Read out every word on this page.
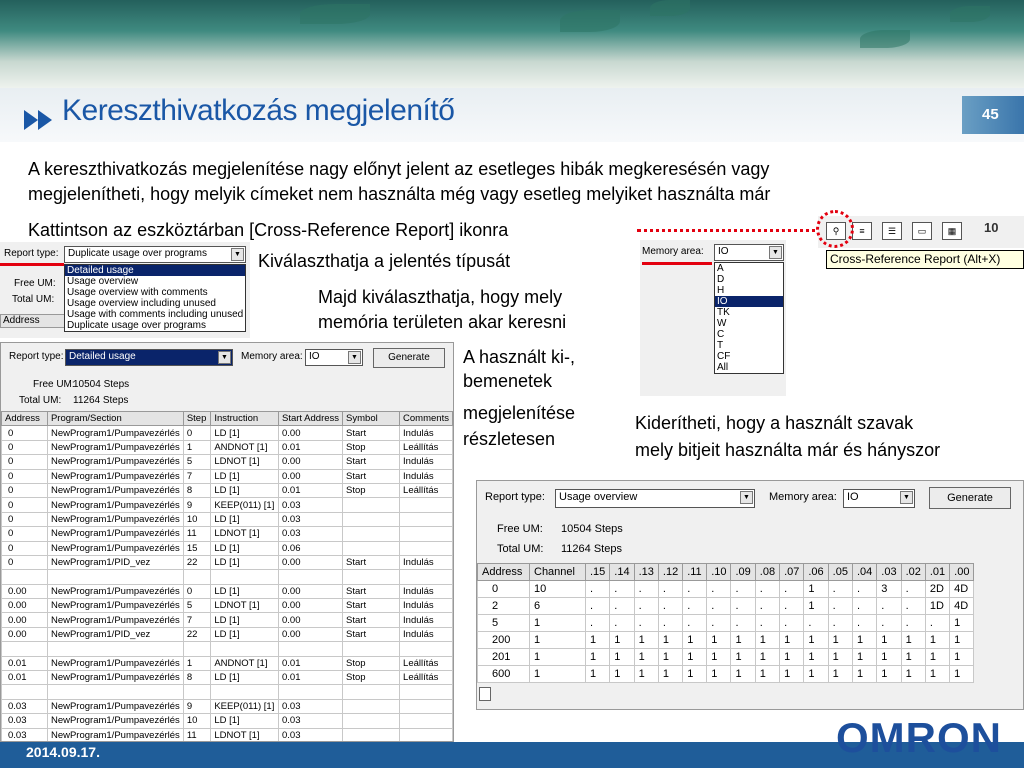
Kereszthivatkozás megjelenítő	45
A kereszthivatkozás megjelenítése nagy előnyt jelent az esetleges hibák megkeresésén vagy
megjelenítheti, hogy melyik címeket nem használta még vagy esetleg melyiket használta már
Kattintson az eszköztárban [Cross-Reference Report] ikonra	⚲	≡	☰	▭	▦	10
Cross-Reference Report (Alt+X)
Report type: Duplicate usage over programs	▼
Free UM:
Total UM:
Address
Detailed usage
Usage overview
Usage overview with comments
Usage overview including unused
Usage with comments including unused
Duplicate usage over programs
Kiválaszthatja a jelentés típusát	Memory area:	IO	▼
A
D
H
IO
TK
W
C
T
CF
All
Majd kiválaszthatja, hogy mely
memória területen akar keresni
Report type: Detailed usage	▼	Memory area: IO	▼	Generate
Free UM:
10504 Steps
Total UM: 11264 Steps
Address	Program/Section	Step	Instruction	Start Address	Symbol	Comments
0	NewProgram1/Pumpavezérlés	0	LD [1]	0.00	Start	Indulás
0	NewProgram1/Pumpavezérlés	1	ANDNOT [1]	0.01	Stop	Leállítás
0	NewProgram1/Pumpavezérlés	5	LDNOT [1]	0.00	Start	Indulás
0	NewProgram1/Pumpavezérlés	7	LD [1]	0.00	Start	Indulás
0	NewProgram1/Pumpavezérlés	8	LD [1]	0.01	Stop	Leállítás
0	NewProgram1/Pumpavezérlés	9	KEEP(011) [1]	0.03		
0	NewProgram1/Pumpavezérlés	10	LD [1]	0.03		
0	NewProgram1/Pumpavezérlés	11	LDNOT [1]	0.03		
0	NewProgram1/Pumpavezérlés	15	LD [1]	0.06		
0	NewProgram1/PID_vez	22	LD [1]	0.00	Start	Indulás

0.00	NewProgram1/Pumpavezérlés	0	LD [1]	0.00	Start	Indulás
0.00	NewProgram1/Pumpavezérlés	5	LDNOT [1]	0.00	Start	Indulás
0.00	NewProgram1/Pumpavezérlés	7	LD [1]	0.00	Start	Indulás
0.00	NewProgram1/PID_vez	22	LD [1]	0.00	Start	Indulás

0.01	NewProgram1/Pumpavezérlés	1	ANDNOT [1]	0.01	Stop	Leállítás
0.01	NewProgram1/Pumpavezérlés	8	LD [1]	0.01	Stop	Leállítás

0.03	NewProgram1/Pumpavezérlés	9	KEEP(011) [1]	0.03		
0.03	NewProgram1/Pumpavezérlés	10	LD [1]	0.03		
0.03	NewProgram1/Pumpavezérlés	11	LDNOT [1]	0.03		
A használt ki-,
bemenetek
megjelenítése
részletesen
Kiderítheti, hogy a használt szavak
mely bitjeit használta már és hányszor
Report type:	Usage overview	▼ Memory area: IO	▼	Generate
Free UM: 10504 Steps
Total UM: 11264 Steps
Address	Channel	.15	.14	.13	.12	.11	.10	.09	.08	.07	.06	.05	.04	.03	.02	.01	.00
0	10	.	.	.	.	.	.	.	.	.	1	.	.	3	.	2D	4D
2	6	.	.	.	.	.	.	.	.	.	1	.	.	.	.	1D	4D
5	1	.	.	.	.	.	.	.	.	.	.	.	.	.	.	.	1
200	1	1	1	1	1	1	1	1	1	1	1	1	1	1	1	1	1
201	1	1	1	1	1	1	1	1	1	1	1	1	1	1	1	1	1
600	1	1	1	1	1	1	1	1	1	1	1	1	1	1	1	1	1
2014.09.17.	OMRON
